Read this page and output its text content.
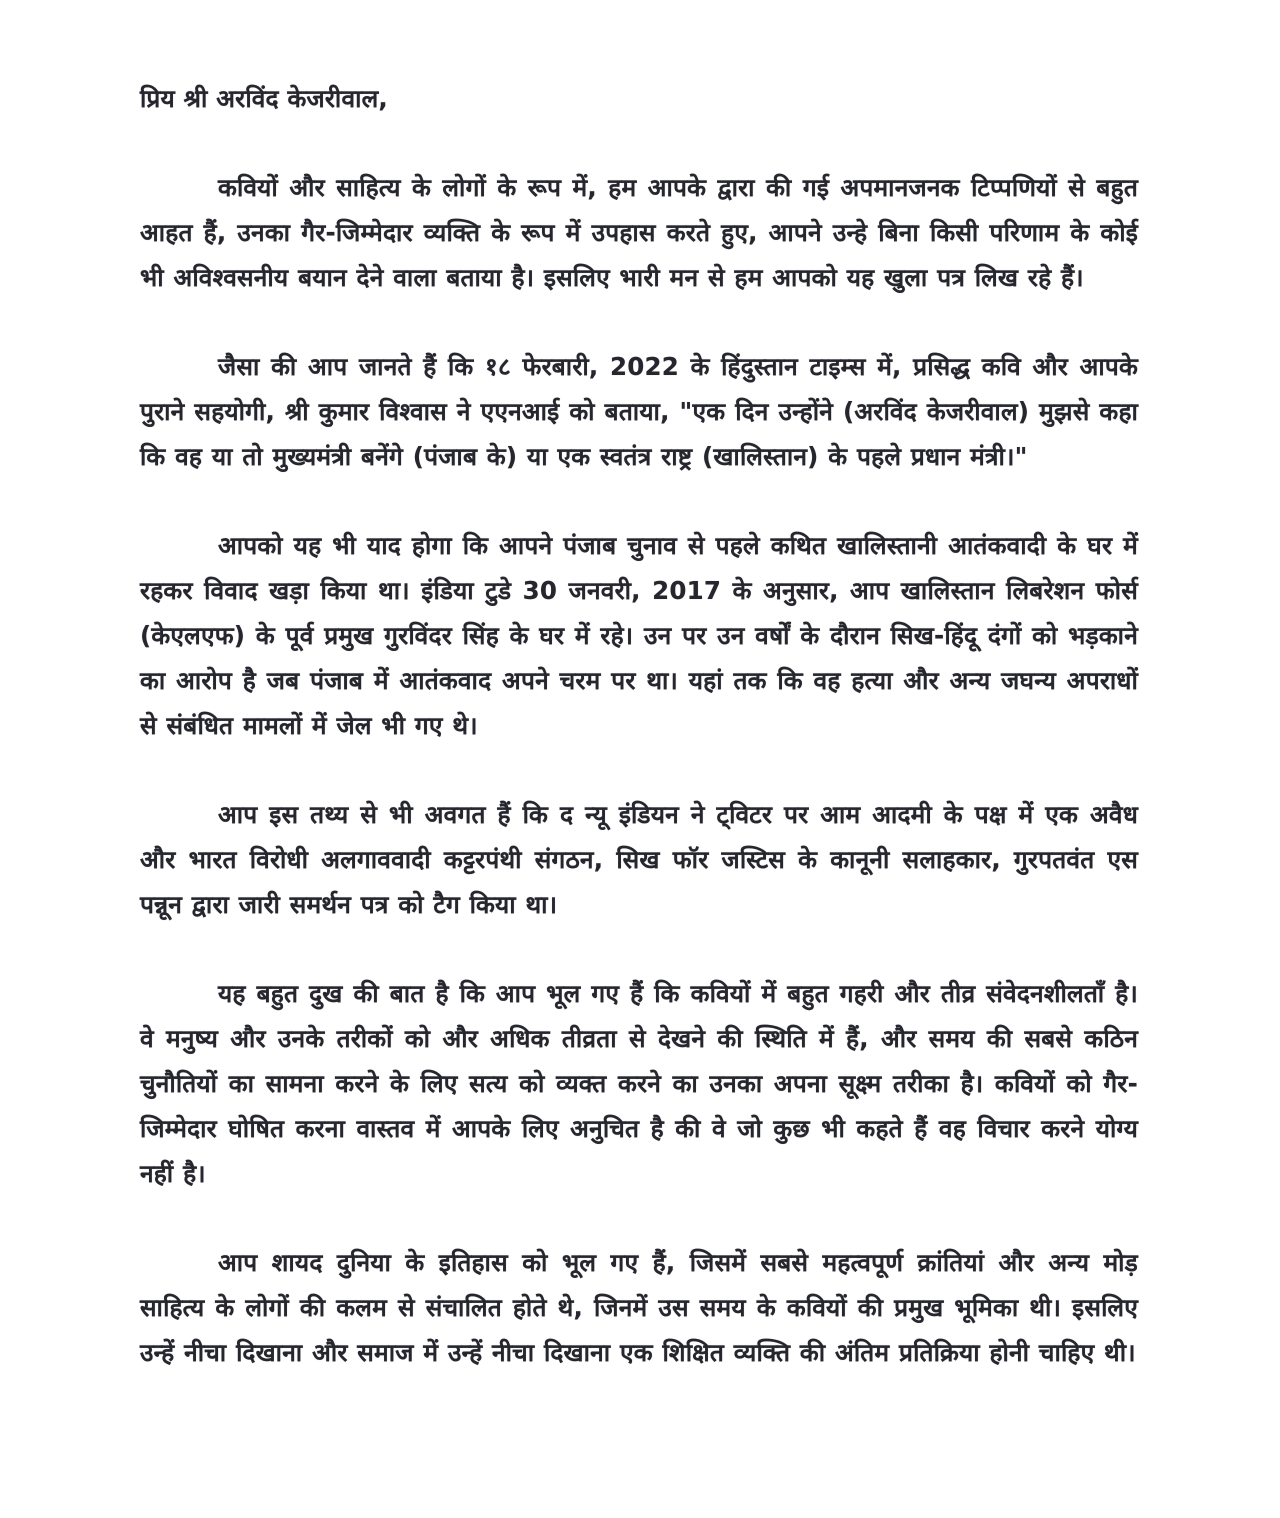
प्रिय श्री अरविंद केजरीवाल,

कवियों और साहित्य के लोगों के रूप में, हम आपके द्वारा की गई अपमानजनक टिप्पणियों से बहुत आहत हैं, उनका गैर-जिम्मेदार व्यक्ति के रूप में उपहास करते हुए, आपने उन्हे बिना किसी परिणाम के कोई भी अविश्वसनीय बयान देने वाला बताया है। इसलिए भारी मन से हम आपको यह खुला पत्र लिख रहे हैं।

जैसा की आप जानते हैं कि १८ फेरबारी, 2022 के हिंदुस्तान टाइम्स में, प्रसिद्ध कवि और आपके पुराने सहयोगी, श्री कुमार विश्वास ने एएनआई को बताया, "एक दिन उन्होंने (अरविंद केजरीवाल) मुझसे कहा कि वह या तो मुख्यमंत्री बनेंगे (पंजाब के) या एक स्वतंत्र राष्ट्र (खालिस्तान) के पहले प्रधान मंत्री।"

आपको यह भी याद होगा कि आपने पंजाब चुनाव से पहले कथित खालिस्तानी आतंकवादी के घर में रहकर विवाद खड़ा किया था। इंडिया टुडे 30 जनवरी, 2017 के अनुसार, आप खालिस्तान लिबरेशन फोर्स (केएलएफ) के पूर्व प्रमुख गुरविंदर सिंह के घर में रहे। उन पर उन वर्षों के दौरान सिख-हिंदू दंगों को भड़काने का आरोप है जब पंजाब में आतंकवाद अपने चरम पर था। यहां तक कि वह हत्या और अन्य जघन्य अपराधों से संबंधित मामलों में जेल भी गए थे।

आप इस तथ्य से भी अवगत हैं कि द न्यू इंडियन ने ट्विटर पर आम आदमी के पक्ष में एक अवैध और भारत विरोधी अलगाववादी कट्टरपंथी संगठन, सिख फॉर जस्टिस के कानूनी सलाहकार, गुरपतवंत एस पन्नून द्वारा जारी समर्थन पत्र को टैग किया था।

यह बहुत दुख की बात है कि आप भूल गए हैं कि कवियों में बहुत गहरी और तीव्र संवेदनशीलताँ है। वे मनुष्य और उनके तरीकों को और अधिक तीव्रता से देखने की स्थिति में हैं, और समय की सबसे कठिन चुनौतियों का सामना करने के लिए सत्य को व्यक्त करने का उनका अपना सूक्ष्म तरीका है। कवियों को गैर-जिम्मेदार घोषित करना वास्तव में आपके लिए अनुचित है की वे जो कुछ भी कहते हैं वह विचार करने योग्य नहीं है।

आप शायद दुनिया के इतिहास को भूल गए हैं, जिसमें सबसे महत्वपूर्ण क्रांतियां और अन्य मोड़ साहित्य के लोगों की कलम से संचालित होते थे, जिनमें उस समय के कवियों की प्रमुख भूमिका थी। इसलिए उन्हें नीचा दिखाना और समाज में उन्हें नीचा दिखाना एक शिक्षित व्यक्ति की अंतिम प्रतिक्रिया होनी चाहिए थी।
